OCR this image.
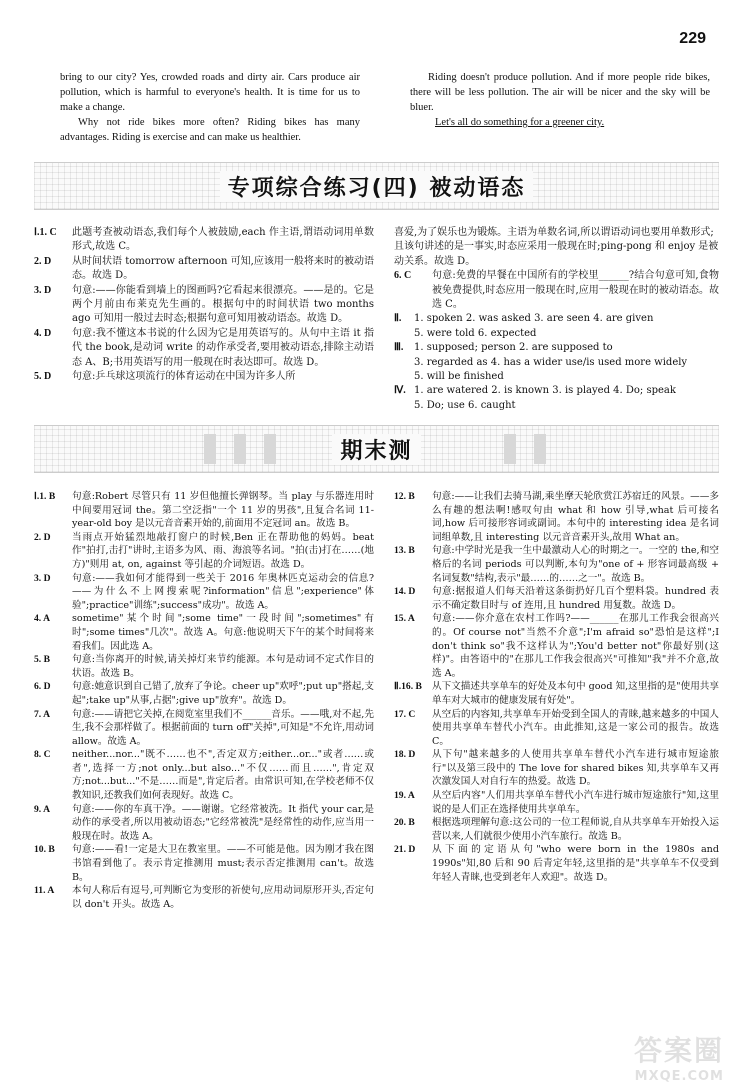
229

bring to our city? Yes, crowded roads and dirty air. Cars produce air pollution, which is harmful to everyone's health. It is time for us to make a change.

Why not ride bikes more often? Riding bikes has many advantages. Riding is exercise and can make us healthier.

Riding doesn't produce pollution. And if more people ride bikes, there will be less pollution. The air will be nicer and the sky will be bluer.

Let's all do something for a greener city.
专项综合练习(四) 被动语态
Ⅰ.1. C	此题考查被动语态,我们每个人被鼓励,each 作主语,谓语动词用单数形式,故选 C。
2. D	从时间状语 tomorrow afternoon 可知,应该用一般将来时的被动语态。故选 D。
3. D	句意:——你能看到墙上的图画吗?它看起来很漂亮。——是的。它是两个月前由布莱克先生画的。根据句中的时间状语 two months ago 可知用一般过去时态;根据句意可知用被动语态。故选 D。
4. D	句意:我不懂这本书说的什么因为它是用英语写的。从句中主语 it 指代 the book,是动词 write 的动作承受者,要用被动语态,排除主动语态 A、B;书用英语写的用一般现在时表达即可。故选 D。
5. D	句意:乒乓球这项流行的体育运动在中国为许多人所
喜爱,为了娱乐也为锻炼。主语为单数名词,所以谓语动词也要用单数形式;且该句讲述的是一事实,时态应采用一般现在时;ping-pong 和 enjoy 是被动关系。故选 D。
6. C	句意:免费的早餐在中国所有的学校里______?结合句意可知,食物被免费提供,时态应用一般现在时,应用一般现在时的被动语态。故选 C。
Ⅱ.	1. spoken 2. was asked 3. are seen 4. are given
5. were told 6. expected
Ⅲ.	1. supposed; person 2. are supposed to
3. regarded as 4. has a wider use/is used more widely
5. will be finished
Ⅳ. 1. are watered 2. is known 3. is played 4. Do; speak
5. Do; use 6. caught
期末测
Ⅰ.1. B	句意:Robert 尽管只有 11 岁但他擅长弹钢琴。当 play 与乐器连用时中间要用冠词 the。第二空泛指"一个 11 岁的男孩",且复合名词 11-year-old boy 是以元音音素开始的,前面用不定冠词 an。故选 B。
2. D	当雨点开始猛烈地敲打窗户的时候,Ben 正在帮助他的妈妈。beat 作"拍打,击打"讲时,主语多为风、雨、海浪等名词。"拍(击)打在……(地方)"则用 at, on, against 等引起的介词短语。故选 D。
3. D	句意:——我如何才能得到一些关于 2016 年奥林匹克运动会的信息?——为什么不上网搜索呢?information"信息";experience"体验";practice"训练";success"成功"。故选 A。
4. A	sometime"某个时间";some time"一段时间";sometimes"有时";some times"几次"。故选 A。句意:他说明天下午的某个时间将来看我们。因此选 A。
5. B	句意:当你离开的时候,请关掉灯来节约能源。本句是动词不定式作目的状语。故选 B。
6. D	句意:她意识到自己错了,放弃了争论。cheer up"欢呼";put up"搭起,支起";take up"从事,占据";give up"放弃"。故选 D。
7. A	句意:——请把它关掉,在阅览室里我们不______音乐。——哦,对不起,先生,我不会那样做了。根据前面的 turn off"关掉",可知是"不允许,用动词 allow。故选 A。
8. C	neither...nor..."既不……也不",否定双方;either...or..."或者……或者",选择一方;not only...but also..."不仅……而且……",肯定双方;not...but..."不是……而是",肯定后者。由常识可知,在学校老师不仅教知识,还教我们如何表现好。故选 C。
9. A	句意:——你的车真干净。——谢谢。它经常被洗。It 指代 your car,是动作的承受者,所以用被动语态;"它经常被洗"是经常性的动作,应当用一般现在时。故选 A。
10. B	句意:——看!一定是大卫在教室里。——不可能是他。因为刚才我在图书馆看到他了。表示肯定推测用 must;表示否定推测用 can't。故选 B。
11. A	本句人称后有逗号,可判断它为变形的祈使句,应用动词原形开头,否定句以 don't 开头。故选 A。
12. B	句意:——让我们去骑马湖,乘坐摩天轮欣赏江苏宿迁的风景。——多么有趣的想法啊!感叹句由 what 和 how 引导,what 后可接名词,how 后可接形容词或副词。本句中的 interesting idea 是名词词组单数,且 interesting 以元音音素开头,故用 What an。
13. B	句意:中学时光是我一生中最激动人心的时期之一。一空的 the,和空格后的名词 periods 可以判断,本句为"one of + 形容词最高级 + 名词复数"结构,表示"最……的……之一"。故选 B。
14. D	句意:据报道人们每天沿着这条街扔好几百个塑料袋。hundred 表示不确定数目时与 of 连用,且 hundred 用复数。故选 D。
15. A	句意:——你介意在农村工作吗?——______在那儿工作我会很高兴的。Of course not"当然不介意";I'm afraid so"恐怕是这样";I don't think so"我不这样认为";You'd better not"你最好别(这样)"。由答语中的"在那儿工作我会很高兴"可推知"我"并不介意,故选 A。
Ⅱ.16. B	从下文描述共享单车的好处及本句中 good 知,这里指的是"使用共享单车对大城市的健康发展有好处"。
17. C	从空后的内容知,共享单车开始受到全国人的青睐,越来越多的中国人使用共享单车替代小汽车。由此推知,这是一家公司的报告。故选 C。
18. D	从下句"越来越多的人使用共享单车替代小汽车进行城市短途旅行"以及第三段中的 The love for shared bikes 知,共享单车又再次激发国人对自行车的热爱。故选 D。
19. A	从空后内容"人们用共享单车替代小汽车进行城市短途旅行"知,这里说的是人们正在选择使用共享单车。
20. B	根据选项理解句意:这公司的一位工程师说,自从共享单车开始投入运营以来,人们就很少使用小汽车旅行。故选 B。
21. D	从下面的定语从句"who were born in the 1980s and 1990s"知,80 后和 90 后青定年轻,这里指的是"共享单车不仅受到年轻人青睐,也受到老年人欢迎"。故选 D。
答案圈
MXQE.COM
